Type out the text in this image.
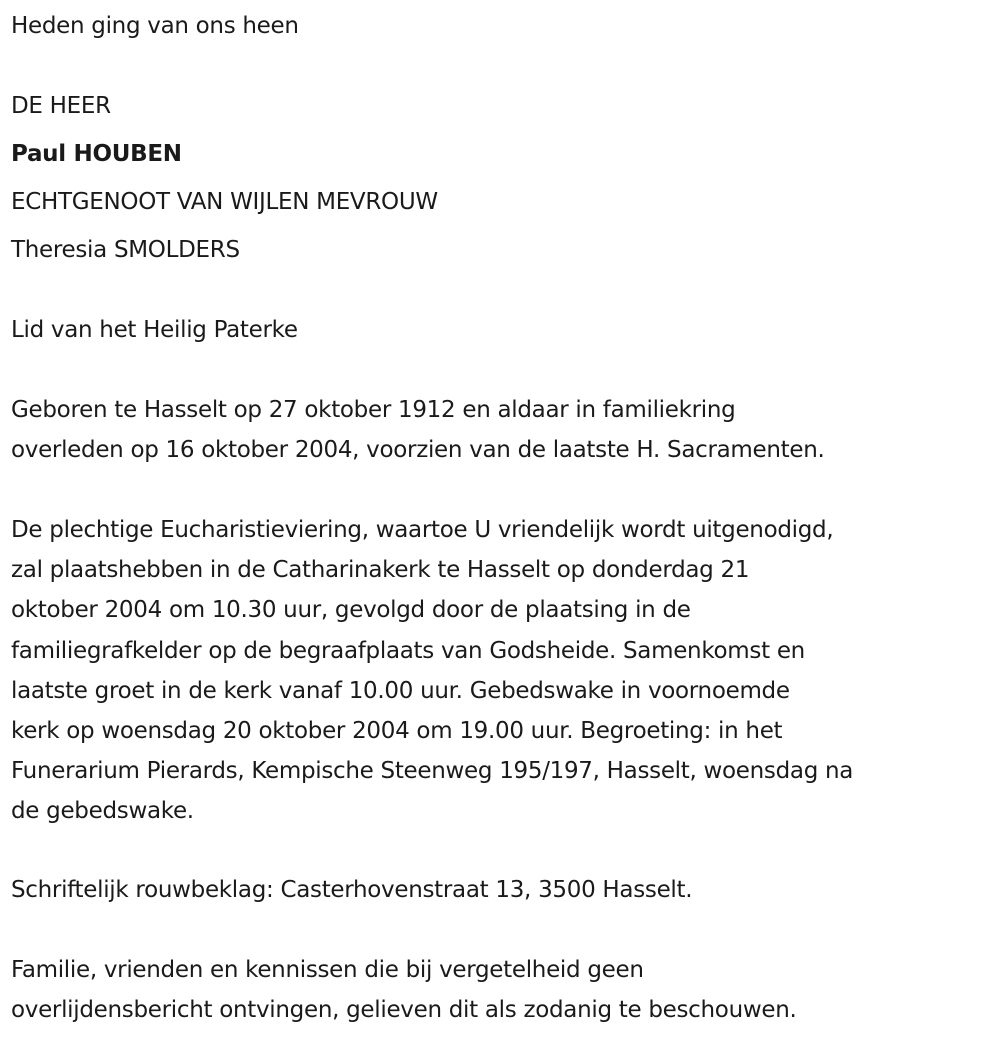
Heden ging van ons heen

DE HEER

Paul HOUBEN

ECHTGENOOT VAN WIJLEN MEVROUW

Theresia SMOLDERS

Lid van het Heilig Paterke

Geboren te Hasselt op 27 oktober 1912 en aldaar in familiekring
overleden op 16 oktober 2004, voorzien van de laatste H. Sacramenten.

De plechtige Eucharistieviering, waartoe U vriendelijk wordt uitgenodigd,
zal plaatshebben in de Catharinakerk te Hasselt op donderdag 21
oktober 2004 om 10.30 uur, gevolgd door de plaatsing in de
familiegrafkelder op de begraafplaats van Godsheide. Samenkomst en
laatste groet in de kerk vanaf 10.00 uur. Gebedswake in voornoemde
kerk op woensdag 20 oktober 2004 om 19.00 uur. Begroeting: in het
Funerarium Pierards, Kempische Steenweg 195/197, Hasselt, woensdag na
de gebedswake.

Schriftelijk rouwbeklag: Casterhovenstraat 13, 3500 Hasselt.

Familie, vrienden en kennissen die bij vergetelheid geen
overlijdensbericht ontvingen, gelieven dit als zodanig te beschouwen.
